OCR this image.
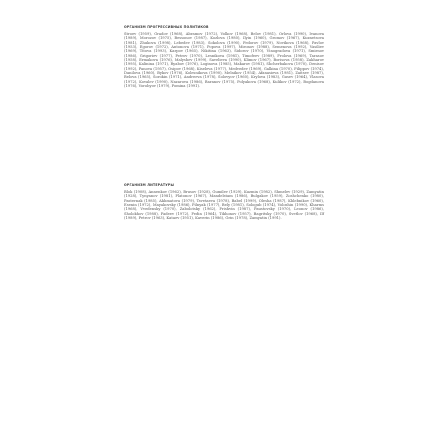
ОРГАНИЗМ ПРОГРЕССИВНЫХ ПОЛИТИКОВ

Stroev (1959), Gradov (1968), Abramov (1972), Volkov (1968), Belov (1981), Orlova (1990), Ivanova (1989), Morozov (1975), Bessonov (1987), Kozlova (1980), Ilyin (1960), Gromov (1967), Kuznetsova (1981), Zhukova (1998), Lebedev (1983), Sokolova (1990), Fedorov (1979), Novikova (1968), Pavlov (1953), Egorov (1972), Antonova (1971), Popova (1997), Mironov (1988), Semenova (1992), Vasiliev (1969), Titova (1993), Karpov (1965), Nikitina (1963), Sidorov (1970), Vinogradova (1971), Smirnov (1986), Grigoriev (1977), Petrov (1970), Lesnikova (1981), Timofeev (1989), Frolova (1969), Tarasov (1958), Ermakova (1976), Malyshev (1999), Savelieva (1990), Klimov (1967), Borisova (1958), Zakharov (1995), Kalinina (1971), Ryabov (1976), Loginova (1985), Makarov (1981), Shcherbakova (1970), Denisov (1992), Panova (1957), Osipov (1968), Kiseleva (1977), Medvedev (1969), Galkina (1970), Filippov (1974), Danilova (1960), Bykov (1976), Kolesnikova (1990), Melnikov (1954), Afanasieva (1981), Zaitsev (1987), Belova (1965), Sorokin (1971), Andreeva (1978), Solovyov (1960), Krylova (1983), Gusev (1964), Vlasova (1972), Kovalev (1990), Nazarova (1986), Baranov (1975), Polyakova (1968), Kulikov (1972), Bogdanova (1976), Vorobyov (1979), Fomina (1991).

ОРГАНИЗМ ЛИТЕРАТУРЫ

Blok (1908), Annenkov (1962), Brusov (1928), Gumilev (1929), Kuzmin (1982), Shmelev (1929), Zamyatin (1928), Tynyanov (1981), Platonov (1967), Mandelstam (1986), Bulgakov (1959), Zoshchenko (1980), Pasternak (1985), Akhmatova (1979), Tsvetaeva (1978), Babel (1999), Olesha (1987), Khlebnikov (1960), Esenin (1972), Mayakovsky (1986), Pilnyak (1977), Bely (1981), Sologub (1974), Voloshin (1990), Kharms (1968), Vvedensky (1970), Zabolotsky (1962), Prishvin (1987), Paustovsky (1970), Leonov (1986), Sholokhov (1988), Fadeev (1972), Fedin (1964), Tikhonov (1957), Bagritsky (1970), Svetlov (1968), Ilf (1989), Petrov (1963), Kataev (1951), Kaverin (1986), Grin (1978), Zamyatin (1991).
